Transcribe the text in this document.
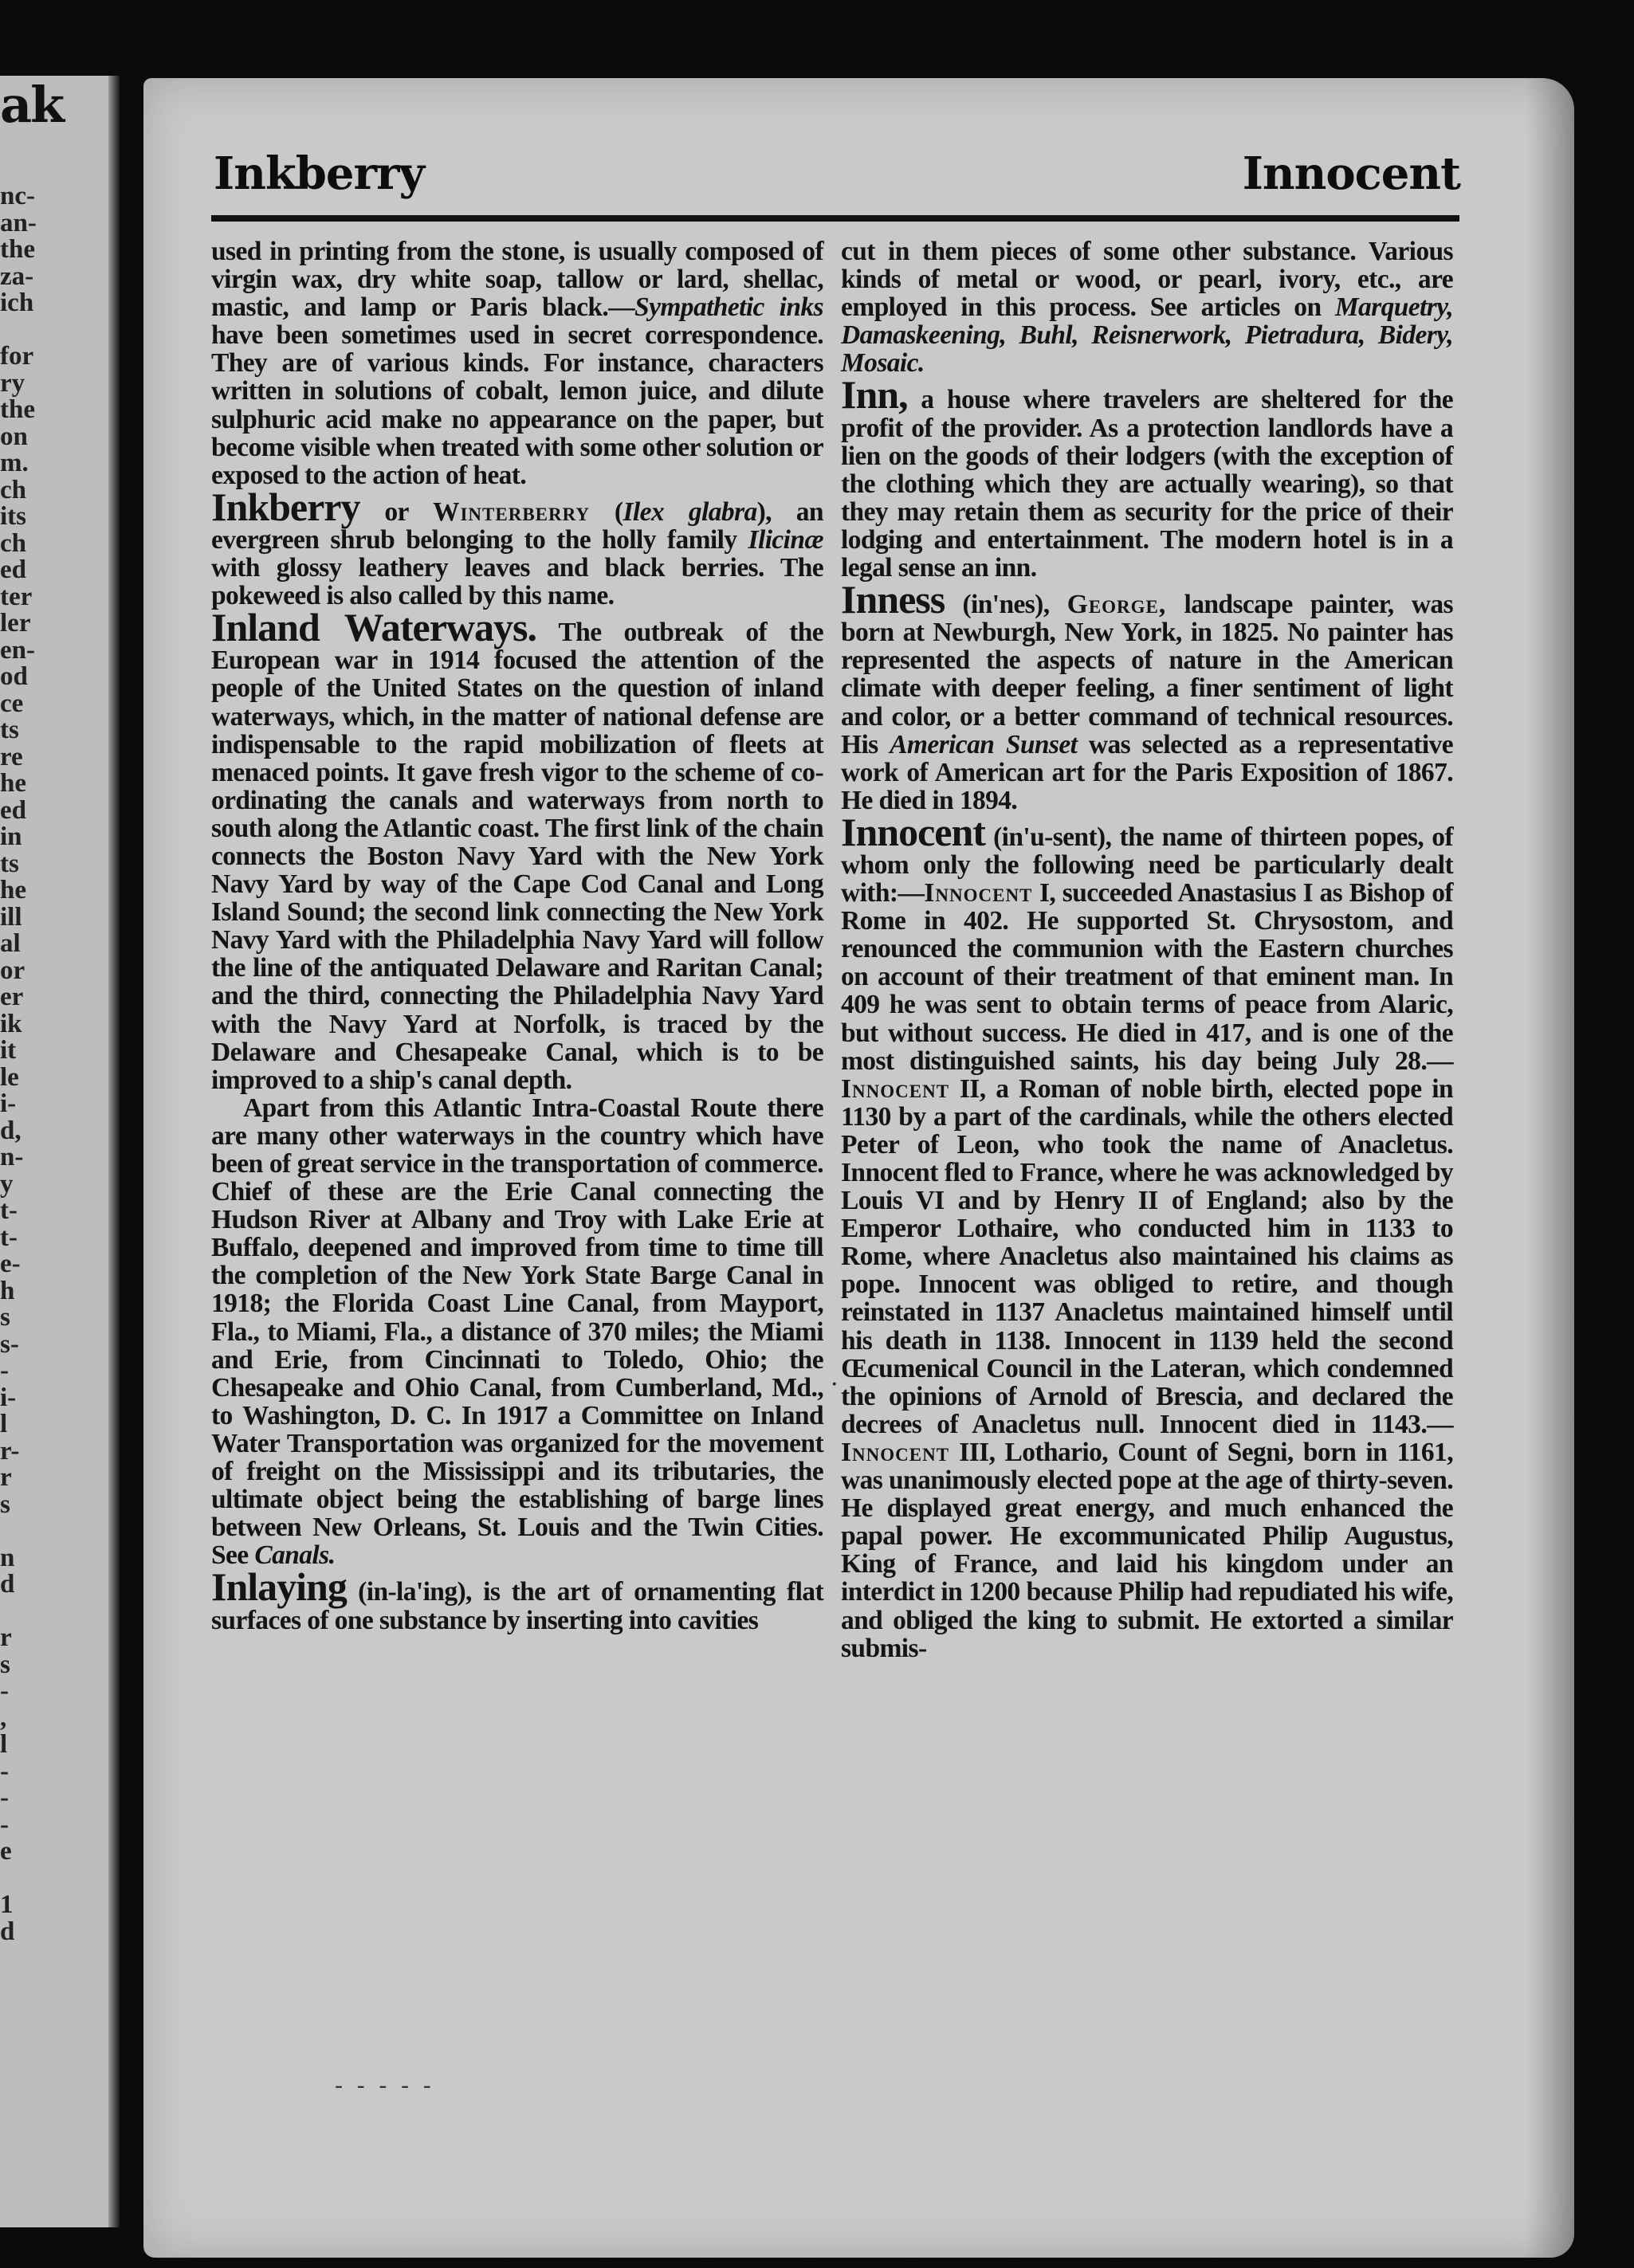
ak
nc-
an-
the
za-
ich
for
ry
the
on
m.
ch
its
ch
ed
ter
ler
en-
od
ce
ts
re
he
ed
in
ts
he
ill
al
or
er
ik
it
le
i-
d,
n-
y
t-
t-
e-
h
s
s-
-
i-
l
r-
r
s
n
d
r
s
-
,
l
-
-
-
e
1
d
Inkberry	Innocent

used in printing from the stone, is usually composed of virgin wax, dry white soap, tallow or lard, shellac, mastic, and lamp or Paris black.—Sympathetic inks have been sometimes used in secret correspondence. They are of various kinds. For instance, characters written in solutions of cobalt, lemon juice, and dilute sulphuric acid make no appearance on the paper, but become visible when treated with some other solution or exposed to the action of heat.

Inkberry or Winterberry (Ilex glabra), an evergreen shrub belonging to the holly family Ilicinæ with glossy leathery leaves and black berries. The pokeweed is also called by this name.

Inland Waterways. The outbreak of the European war in 1914 focused the attention of the people of the United States on the question of inland waterways, which, in the matter of national defense are indispensable to the rapid mobilization of fleets at menaced points. It gave fresh vigor to the scheme of co-ordinating the canals and waterways from north to south along the Atlantic coast. The first link of the chain connects the Boston Navy Yard with the New York Navy Yard by way of the Cape Cod Canal and Long Island Sound; the second link connecting the New York Navy Yard with the Philadelphia Navy Yard will follow the line of the antiquated Delaware and Raritan Canal; and the third, connecting the Philadelphia Navy Yard with the Navy Yard at Norfolk, is traced by the Delaware and Chesapeake Canal, which is to be improved to a ship's canal depth.

Apart from this Atlantic Intra-Coastal Route there are many other waterways in the country which have been of great service in the transportation of commerce. Chief of these are the Erie Canal connecting the Hudson River at Albany and Troy with Lake Erie at Buffalo, deepened and improved from time to time till the completion of the New York State Barge Canal in 1918; the Florida Coast Line Canal, from Mayport, Fla., to Miami, Fla., a distance of 370 miles; the Miami and Erie, from Cincinnati to Toledo, Ohio; the Chesapeake and Ohio Canal, from Cumberland, Md., to Washington, D. C. In 1917 a Committee on Inland Water Transportation was organized for the movement of freight on the Mississippi and its tributaries, the ultimate object being the establishing of barge lines between New Orleans, St. Louis and the Twin Cities. See Canals.

Inlaying (in-la'ing), is the art of ornamenting flat surfaces of one substance by inserting into cavities

cut in them pieces of some other substance. Various kinds of metal or wood, or pearl, ivory, etc., are employed in this process. See articles on Marquetry, Damaskeening, Buhl, Reisnerwork, Pietradura, Bidery, Mosaic.

Inn, a house where travelers are sheltered for the profit of the provider. As a protection landlords have a lien on the goods of their lodgers (with the exception of the clothing which they are actually wearing), so that they may retain them as security for the price of their lodging and entertainment. The modern hotel is in a legal sense an inn.

Inness (in'nes), George, landscape painter, was born at Newburgh, New York, in 1825. No painter has represented the aspects of nature in the American climate with deeper feeling, a finer sentiment of light and color, or a better command of technical resources. His American Sunset was selected as a representative work of American art for the Paris Exposition of 1867. He died in 1894.

Innocent (in'u-sent), the name of thirteen popes, of whom only the following need be particularly dealt with:—Innocent I, succeeded Anastasius I as Bishop of Rome in 402. He supported St. Chrysostom, and renounced the communion with the Eastern churches on account of their treatment of that eminent man. In 409 he was sent to obtain terms of peace from Alaric, but without success. He died in 417, and is one of the most distinguished saints, his day being July 28.—Innocent II, a Roman of noble birth, elected pope in 1130 by a part of the cardinals, while the others elected Peter of Leon, who took the name of Anacletus. Innocent fled to France, where he was acknowledged by Louis VI and by Henry II of England; also by the Emperor Lothaire, who conducted him in 1133 to Rome, where Anacletus also maintained his claims as pope. Innocent was obliged to retire, and though reinstated in 1137 Anacletus maintained himself until his death in 1138. Innocent in 1139 held the second Œcumenical Council in the Lateran, which condemned the opinions of Arnold of Brescia, and declared the decrees of Anacletus null. Innocent died in 1143.—Innocent III, Lothario, Count of Segni, born in 1161, was unanimously elected pope at the age of thirty-seven. He displayed great energy, and much enhanced the papal power. He excommunicated Philip Augustus, King of France, and laid his kingdom under an interdict in 1200 because Philip had repudiated his wife, and obliged the king to submit. He extorted a similar submis-

·
- - - - -
